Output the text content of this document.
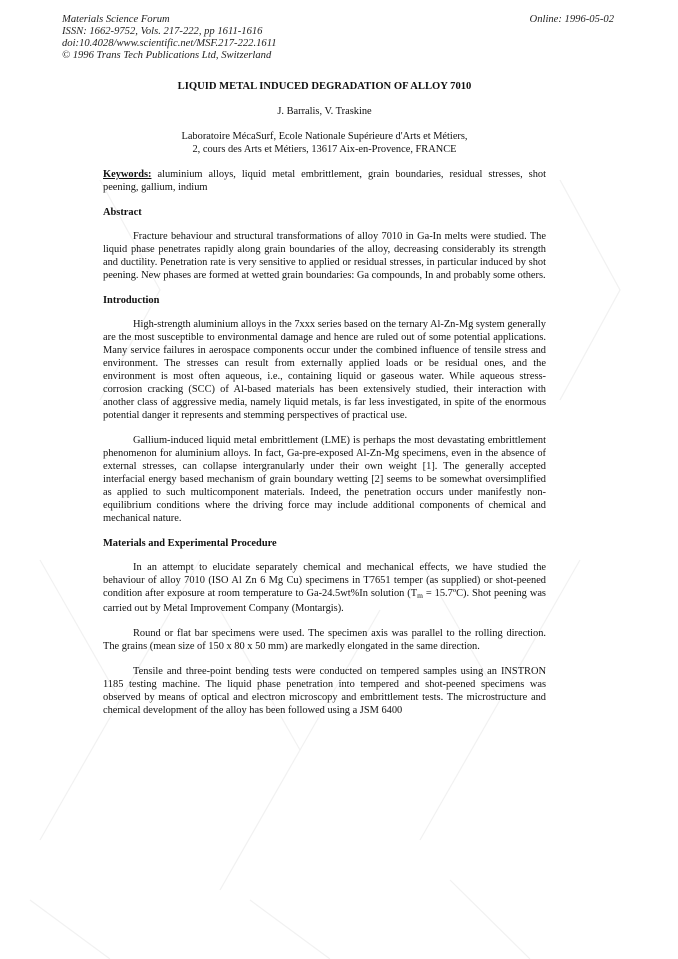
Materials Science Forum
ISSN: 1662-9752, Vols. 217-222, pp 1611-1616
doi:10.4028/www.scientific.net/MSF.217-222.1611
© 1996 Trans Tech Publications Ltd, Switzerland
Online: 1996-05-02

LIQUID METAL INDUCED DEGRADATION OF ALLOY 7010

J. Barralis, V. Traskine

Laboratoire MécaSurf, Ecole Nationale Supérieure d'Arts et Métiers,
2, cours des Arts et Métiers, 13617 Aix-en-Provence, FRANCE

Keywords: aluminium alloys, liquid metal embrittlement, grain boundaries, residual stresses, shot peening, gallium, indium

Abstract

Fracture behaviour and structural transformations of alloy 7010 in Ga-In melts were studied. The liquid phase penetrates rapidly along grain boundaries of the alloy, decreasing considerably its strength and ductility. Penetration rate is very sensitive to applied or residual stresses, in particular induced by shot peening. New phases are formed at wetted grain boundaries: Ga compounds, In and probably some others.

Introduction

High-strength aluminium alloys in the 7xxx series based on the ternary Al-Zn-Mg system generally are the most susceptible to environmental damage and hence are ruled out of some potential applications. Many service failures in aerospace components occur under the combined influence of tensile stress and environment. The stresses can result from externally applied loads or be residual ones, and the environment is most often aqueous, i.e., containing liquid or gaseous water. While aqueous stress-corrosion cracking (SCC) of Al-based materials has been extensively studied, their interaction with another class of aggressive media, namely liquid metals, is far less investigated, in spite of the enormous potential danger it represents and stemming perspectives of practical use.

Gallium-induced liquid metal embrittlement (LME) is perhaps the most devastating embrittlement phenomenon for aluminium alloys. In fact, Ga-pre-exposed Al-Zn-Mg specimens, even in the absence of external stresses, can collapse intergranularly under their own weight [1]. The generally accepted interfacial energy based mechanism of grain boundary wetting [2] seems to be somewhat oversimplified as applied to such multicomponent materials. Indeed, the penetration occurs under manifestly non-equilibrium conditions where the driving force may include additional components of chemical and mechanical nature.

Materials and Experimental Procedure

In an attempt to elucidate separately chemical and mechanical effects, we have studied the behaviour of alloy 7010 (ISO Al Zn 6 Mg Cu) specimens in T7651 temper (as supplied) or shot-peened condition after exposure at room temperature to Ga-24.5wt%In solution ($T_m$ = 15.7ºC). Shot peening was carried out by Metal Improvement Company (Montargis).

Round or flat bar specimens were used. The specimen axis was parallel to the rolling direction. The grains (mean size of 150 x 80 x 50 mm) are markedly elongated in the same direction.

Tensile and three-point bending tests were conducted on tempered samples using an INSTRON 1185 testing machine. The liquid phase penetration into tempered and shot-peened specimens was observed by means of optical and electron microscopy and embrittlement tests. The microstructure and chemical development of the alloy has been followed using a JSM 6400
